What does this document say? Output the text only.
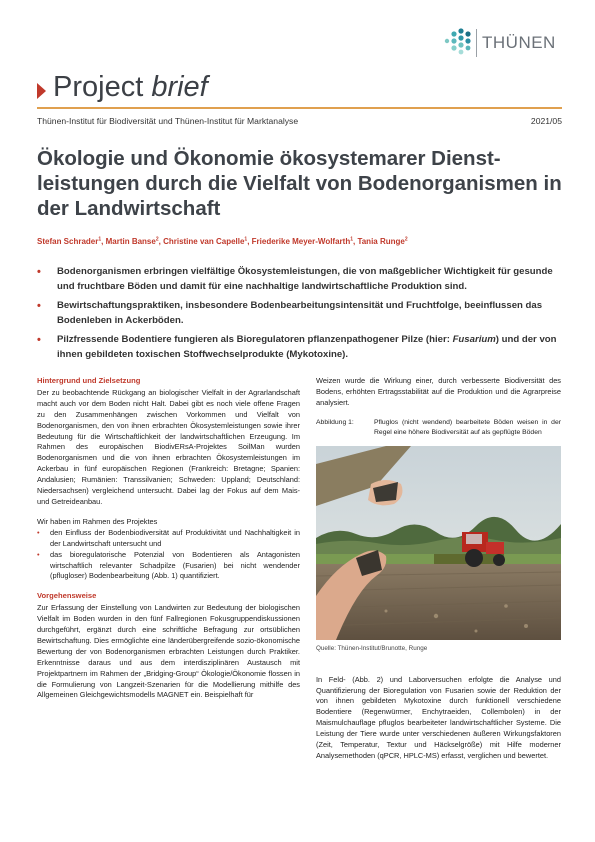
THÜNEN
Project brief
Thünen-Institut für Biodiversität und Thünen-Institut für Marktanalyse	2021/05
Ökologie und Ökonomie ökosystemarer Dienst-leistungen durch die Vielfalt von Bodenorganismen in der Landwirtschaft
Stefan Schrader$^1$, Martin Banse$^2$, Christine van Capelle$^1$, Friederike Meyer-Wolfarth$^1$, Tania Runge$^2$
• Bodenorganismen erbringen vielfältige Ökosystemleistungen, die von maßgeblicher Wichtigkeit für gesunde und fruchtbare Böden und damit für eine nachhaltige landwirtschaftliche Produktion sind.
• Bewirtschaftungspraktiken, insbesondere Bodenbearbeitungsintensität und Fruchtfolge, beeinflussen das Bodenleben in Ackerböden.
• Pilzfressende Bodentiere fungieren als Bioregulatoren pflanzenpathogener Pilze (hier: Fusarium) und der von ihnen gebildeten toxischen Stoffwechselprodukte (Mykotoxine).
Hintergrund und Zielsetzung

Der zu beobachtende Rückgang an biologischer Vielfalt in der Agrarlandschaft macht auch vor dem Boden nicht Halt. Dabei gibt es noch viele offene Fragen zu den Zusammenhängen zwischen Vorkommen und Vielfalt von Bodenorganismen, den von ihnen erbrachten Ökosystemleistungen sowie ihrer Bedeutung für die Wirtschaftlichkeit der landwirtschaftlichen Erzeugung. Im Rahmen des europäischen BiodivERsA-Projektes SoilMan wurden Bodenorganismen und die von ihnen erbrachten Ökosystemleistungen im Ackerbau in fünf europäischen Regionen (Frankreich: Bretagne; Spanien: Andalusien; Rumänien: Transsilvanien; Schweden: Uppland; Deutschland: Niedersachsen) vergleichend untersucht. Dabei lag der Fokus auf dem Mais- und Getreideanbau.

Wir haben im Rahmen des Projektes
• den Einfluss der Bodenbiodiversität auf Produktivität und Nachhaltigkeit in der Landwirtschaft untersucht und
• das bioregulatorische Potenzial von Bodentieren als Antagonisten wirtschaftlich relevanter Schadpilze (Fusarien) bei nicht wendender (pflugloser) Bodenbearbeitung (Abb. 1) quantifiziert.
Vorgehensweise

Zur Erfassung der Einstellung von Landwirten zur Bedeutung der biologischen Vielfalt im Boden wurden in den fünf Fallregionen Fokusgruppendiskussionen durchgeführt, ergänzt durch eine schriftliche Befragung zur ortsüblichen Bewirtschaftung. Dies ermöglichte eine länderübergreifende sozio-ökonomische Bewertung der von Bodenorganismen erbrachten Leistungen durch Praktiker. Erkenntnisse daraus und aus dem interdisziplinären Austausch mit Projektpartnern im Rahmen der „Bridging-Group“ Ökologie/Ökonomie flossen in die Formulierung von Langzeit-Szenarien für die Modellierung mithilfe des Allgemeinen Gleichgewichtsmodells MAGNET ein. Beispielhaft für

Weizen wurde die Wirkung einer, durch verbesserte Biodiversität des Bodens, erhöhten Ertragsstabilität auf die Produktion und die Agrarpreise analysiert.

Abbildung 1:	Pfluglos (nicht wendend) bearbeitete Böden weisen in der Regel eine höhere Biodiversität auf als gepflügte Böden
Quelle: Thünen-Institut/Brunotte, Runge

In Feld- (Abb. 2) und Laborversuchen erfolgte die Analyse und Quantifizierung der Bioregulation von Fusarien sowie der Reduktion der von ihnen gebildeten Mykotoxine durch funktionell verschiedene Bodentiere (Regenwürmer, Enchytraeiden, Collembolen) in der Maismulchauflage pfluglos bearbeiteter landwirtschaftlicher Systeme. Die Leistung der Tiere wurde unter verschiedenen äußeren Wirkungsfaktoren (Zeit, Temperatur, Textur und Häckselgröße) mit Hilfe moderner Analysemethoden (qPCR, HPLC-MS) erfasst, verglichen und bewertet.
